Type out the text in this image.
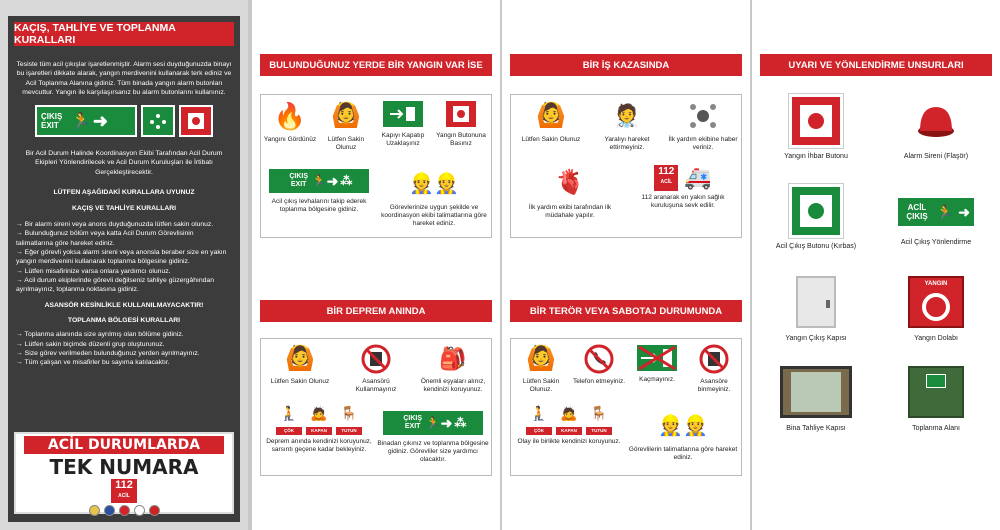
KAÇIŞ, TAHLİYE VE TOPLANMA KURALLARI
Tesiste tüm acil çıkışlar işaretlenmiştir. Alarm sesi duyduğunuzda binayı bu işaretleri dikkate alarak, yangın merdivenini kullanarak terk ediniz ve Acil Toplanma Alanına gidiniz. Tüm binada yangın alarm butonları mevcuttur. Yangın ile karşılaşırsanız bu alarm butonlarını kullanınız.
ÇIKIŞ EXIT 🏃 ➜
Bir Acil Durum Halinde Koordinasyon Ekibi Tarafından Acil Durum Ekipleri Yönlendirilecek ve Acil Durum Kuruluşları ile İrtibatı Gerçekleştirecektir.
LÜTFEN AŞAĞIDAKİ KURALLARA UYUNUZ
KAÇIŞ VE TAHLİYE KURALLARI
→ Bir alarm sireni veya anons duyduğunuzda lütfen sakin olunuz.
→ Bulunduğunuz bölüm veya katta Acil Durum Görevlisinin talimatlarına göre hareket ediniz.
→ Eğer görevli yoksa alarm sireni veya anonsla beraber size en yakın yangın merdivenini kullanarak toplanma bölgesine gidiniz.
→ Lütfen misafirinize varsa onlara yardımcı olunuz.
→ Acil durum ekiplerinde görevli değilseniz tahliye güzergâhından ayrılmayınız, toplanma noktasına gidiniz.
ASANSÖR KESİNLİKLE KULLANILMAYACAKTIR!
TOPLANMA BÖLGESİ KURALLARI
→ Toplanma alanında size ayrılmış olan bölüme gidiniz.
→ Lütfen sakin biçimde düzenli grup oluşturunuz.
→ Size görev verilmeden bulunduğunuz yerden ayrılmayınız.
→ Tüm çalışan ve misafirler bu sayıma katılacaktır.
ACİL DURUMLARDA
TEK NUMARA
112
ACİL
BULUNDUĞUNUZ YERDE BİR YANGIN VAR İSE
🔥
Yangını Gördünüz
🙆
Lütfen Sakin Olunuz
Kapıyı Kapatıp Uzaklaşınız
Yangın Butonuna Basınız
ÇIKIŞ EXIT 🏃 ➜ ⁂
Acil çıkış levhalarını takip ederek toplanma bölgesine gidiniz.
👷👷
Görevlerinize uygun şekilde ve koordinasyon ekibi talimatlarına göre hareket ediniz.
BİR DEPREM ANINDA
🙆
Lütfen Sakin Olunuz	Asansörü Kullanmayınız
🎒
Önemli eşyaları alınız, kendinizi koruyunuz.
🧎
ÇÖK
🙇
KAPAN
🪑
TUTUN
Deprem anında kendinizi koruyunuz, sarsıntı geçene kadar bekleyiniz.
ÇIKIŞ EXIT 🏃 ➜ ⁂
Binadan çıkınız ve toplanma bölgesine gidiniz. Görevliler size yardımcı olacaktır.
BİR İŞ KAZASINDA
🙆
Lütfen Sakin Olunuz
🧑‍⚕️
Yaralıyı hareket ettirmeyiniz.
İlk yardım ekibine haber veriniz.
🫀
İlk yardım ekibi tarafından ilk müdahale yapılır.
112
ACİL 🚑
112 aranarak en yakın sağlık kuruluşuna sevk edilir.
BİR TERÖR VEYA SABOTAJ DURUMUNDA
🙆
Lütfen Sakin Olunuz.
Telefon etmeyiniz.	Kaçmayınız.	Asansöre binmeyiniz.
🧎
ÇÖK
🙇
KAPAN
🪑
TUTUN
Olay ile birlikte kendinizi koruyunuz.
👷👷
Görevlilerin talimatlarına göre hareket ediniz.
UYARI VE YÖNLENDİRME UNSURLARI
Yangın İhbar Butonu	Alarm Sireni (Flaşör)
Acil Çıkış Butonu (Kırbas)
ACİL ÇIKIŞ 🏃 ➜
Acil Çıkış Yönlendirme
Yangın Çıkış Kapısı
YANGIN
Yangın Dolabı
Bina Tahliye Kapısı	Toplanma Alanı
